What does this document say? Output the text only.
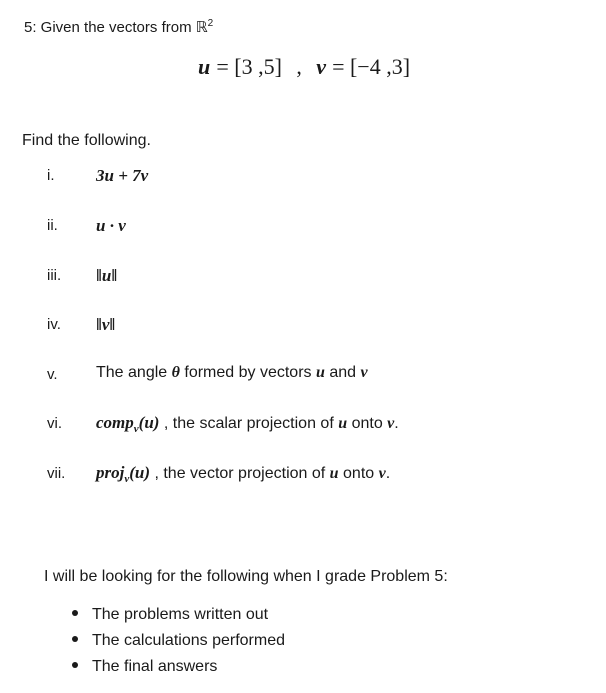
5: Given the vectors from ℝ$^2$
u = [3 ,5] , v = [−4 ,3]
Find the following.
i. 3u + 7v
ii. u · v
iii. ‖u‖
iv. ‖v‖
v. The angle θ formed by vectors u and v
vi. comp$_v$(u) , the scalar projection of u onto v.
vii. proj$_v$(u) , the vector projection of u onto v.
I will be looking for the following when I grade Problem 5:
The problems written out
The calculations performed
The final answers
